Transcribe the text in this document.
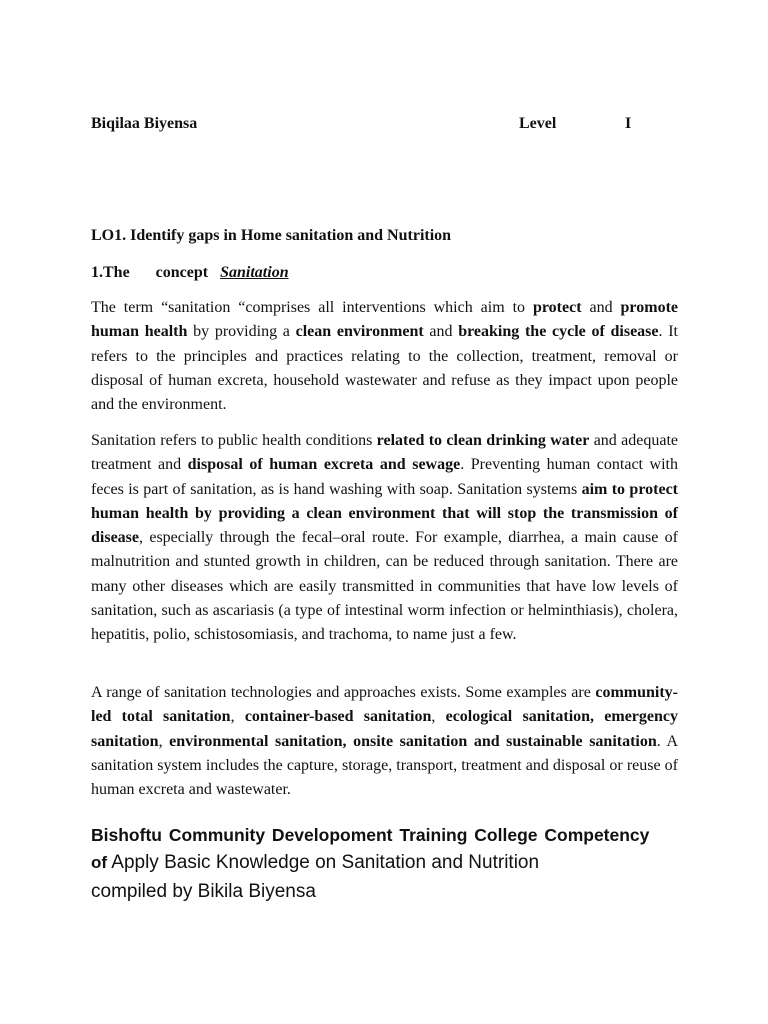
Biqilaa Biyensa	Level	I
LO1. Identify gaps in Home sanitation and Nutrition
1.The concept Sanitation

The term “sanitation “comprises all interventions which aim to protect and promote human health by providing a clean environment and breaking the cycle of disease. It refers to the principles and practices relating to the collection, treatment, removal or disposal of human excreta, household wastewater and refuse as they impact upon people and the environment.

Sanitation refers to public health conditions related to clean drinking water and adequate treatment and disposal of human excreta and sewage. Preventing human contact with feces is part of sanitation, as is hand washing with soap. Sanitation systems aim to protect human health by providing a clean environment that will stop the transmission of disease, especially through the fecal–oral route. For example, diarrhea, a main cause of malnutrition and stunted growth in children, can be reduced through sanitation. There are many other diseases which are easily transmitted in communities that have low levels of sanitation, such as ascariasis (a type of intestinal worm infection or helminthiasis), cholera, hepatitis, polio, schistosomiasis, and trachoma, to name just a few.

A range of sanitation technologies and approaches exists. Some examples are community-led total sanitation, container-based sanitation, ecological sanitation, emergency sanitation, environmental sanitation, onsite sanitation and sustainable sanitation. A sanitation system includes the capture, storage, transport, treatment and disposal or reuse of human excreta and wastewater.

Bishoftu Community Developoment Training College Competency
of Apply Basic Knowledge on Sanitation and Nutrition
compiled by Bikila Biyensa
